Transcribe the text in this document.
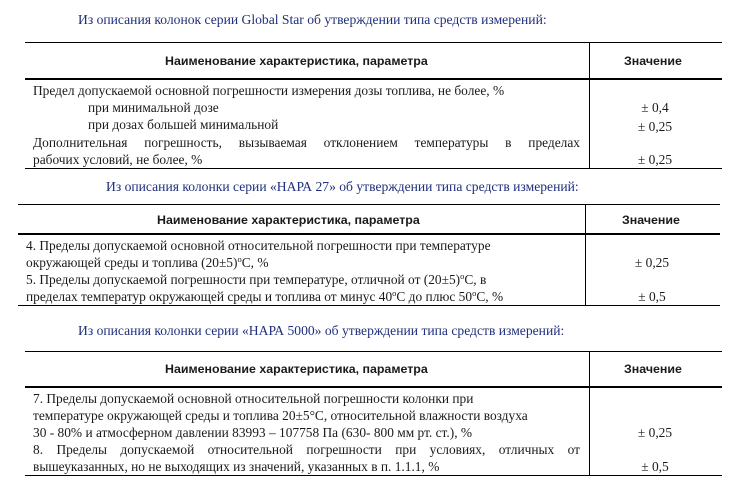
Из описания колонок серии Global Star об утверждении типа средств измерений:
Наименование характеристика, параметра	Значение
Предел допускаемой основной погрешности измерения дозы топлива, не более, %
при минимальной дозе	± 0,4
при дозах большей минимальной	± 0,25
Дополнительная погрешность, вызываемая отклонением температуры в пределах
рабочих условий, не более, %	± 0,25
Из описания колонки серии «НАРА 27» об утверждении типа средств измерений:
Наименование характеристика, параметра	Значение
4. Пределы допускаемой основной относительной погрешности при температуре
окружающей среды и топлива $(20\pm 5)^оС$, %	± 0,25
5. Пределы допускаемой погрешности при температуре, отличной от $(20\pm 5)^оС$, в
пределах температур окружающей среды и топлива от минус $40^оС$ до плюс $50^оС$, %	± 0,5
Из описания колонки серии «НАРА 5000» об утверждении типа средств измерений:
Наименование характеристика, параметра	Значение
7. Пределы допускаемой основной относительной погрешности колонки при
температуре окружающей среды и топлива 20±5°С, относительной влажности воздуха
30 - 80% и атмосферном давлении 83993 – 107758 Па (630- 800 мм рт. ст.), %	± 0,25
8. Пределы допускаемой относительной погрешности при условиях, отличных от
вышеуказанных, но не выходящих из значений, указанных в п. 1.1.1, %	± 0,5
